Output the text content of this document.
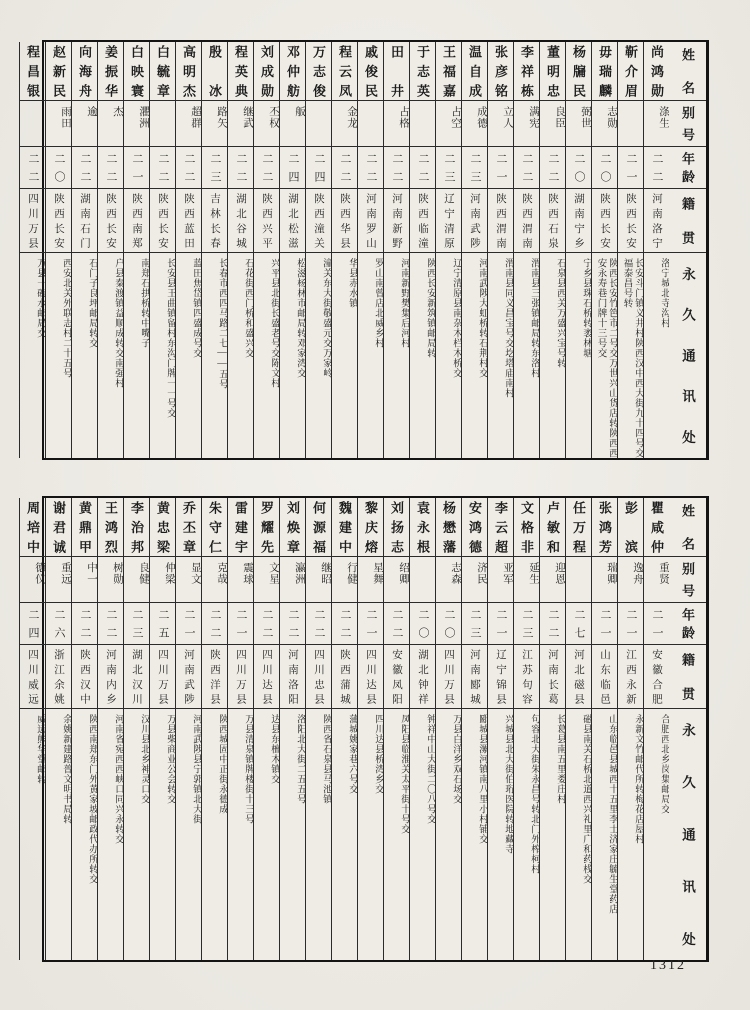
姓名
别号
年龄
籍贯
永久通讯处
尚鸿勋
涤生
二二
河南洛宁
洛宁城北寺沟村
靳介眉
二一
陕西长安
长安斗门镇义井村陕西汉中西大街九十四号交福泰昌号转
毋瑞麟
志勋
二〇
陕西长安
陕西长安竹笆市二号交万世兴山货店转陕西西安永寿巷门牌十三号交
杨牖民
弼世
二〇
湖南宁乡
宁乡县珠石桥转袤林塘
董明忠
良臣
二二
陕西石泉
石泉县西关万盛兴宝号转
李祥栋
满宪
二二
陕西渭南
渭南县三张镇邮局转东洛村
张彦铭
立人
二一
陕西渭南
渭南县同义昌宝号交圪塔庙南村
温自成
成德
二三
河南武陟
河南武陟大虹桥转石荆村交
王福嘉
占空
二三
辽宁清原
辽宁清原县南杂木栏木桥交
于志英
二二
陕西临潼
陕西长安新筑镇邮局转
田井
占格
二二
河南新野
河南新野樊集后河村
戚俊民
二二
河南罗山
罗山南曾店北威乡村
程云凤
金龙
二二
陕西华县
华县赤水镇
万志俊
二四
陕西潼关
潼关东大街敬盛元交万家岭
邓仲舫
舨
二四
湖北松滋
松滋杨林市邮局转邓家湾交
刘成勋
丕权
二二
陕西兴平
兴平县北街长盛老号交陈文村
程英典
继武
二二
湖北谷城
石花街西门桥和盛兴交
殷冰
路矢
二三
吉林长春
长春市西四马路二七——五号
高明杰
超群
二二
陕西蓝田
蓝田焦岱镇四盛成号交
白毓章
二二
陕西长安
长安县王曲镇留村东沟门牌一一号交
白映寰
灈洲
二一
陕西南郑
南郑石拱桥转中嘴子
姜振华
杰
二二
陕西长安
户县秦渡镇益顺成转交南强村
向海舟
逾
二二
湖南石门
石门子良坪邮局转交
赵新民
雨田
二〇
陕西长安
西安北关外联志村二十五号
程昌银
二二
四川万县
万县一碗水邮局交
姓名
别号
年龄
籍贯
永久通讯处
瞿咸仲
重贤
二一
安徽合肥
合肥西北乡岗集邮局交
彭滨
逸舟
二一
江西永新
永新文竹邮代所转梅花店屋村
张鸿芳
瑞卿
二一
山东临邑
山东临邑县城西十五里李士济家庄毓生堂药店
任万程
二七
河北磁县
磁县南关石桥北道西兴礼里广和药栈交
卢敏和
迎恩
二二
河南长葛
长葛县南五里娄庄村
文格非
延生
二三
江苏句容
句容北大街朱永昌号转北门外榨柯村
李云超
亚军
二一
辽宁锦县
兴城县北大街伯珩医院转地藏寺
安鸿德
济民
二三
河南郾城
郾城县漯河镇南八里小村铺交
杨懋藩
志森
二〇
四川万县
万县白洋乡双石场交
袁永根
二〇
湖北钟祥
钟祥中山大街二〇八号交
刘扬志
绍卿
二二
安徽凤阳
凤阳县临淮关太平街十号交
黎庆熔
星舞
二一
四川达县
四川达县桥湾乡交
魏建中
行健
二二
陕西蒲城
蒲城姚家巷六号交
何源福
继昭
二二
四川忠县
陕西省石泉县马池镇
刘焕章
瀛洲
二二
河南洛阳
洛阳北大街二五五号
罗耀先
文星
二二
四川达县
达县东檀木镇交
雷建宇
震球
二一
四川万县
万县清泉镇牌楼街十三号
朱守仁
克哉
二二
陕西洋县
陕西城固中正街永德成
乔丕章
显文
二一
河南武陟
河南武陟县宁郭镇北大街
黄忠梁
仲梁
二五
四川万县
万县柴商业公会转交
李治邦
良健
二三
湖北汉川
汉川县北乡神灵口交
王鸿烈
树勋
二二
河南内乡
河南省宛西西峡口同兴永转交
黄鼎甲
中一
二二
陕西汉中
陕西南郑东门外黄家坡邮政代办所转交
谢君诚
重远
二六
浙江余姚
余姚新建路普文明书局转
周培中
德仪
二四
四川威远
威远熊华堂邮转
1312
